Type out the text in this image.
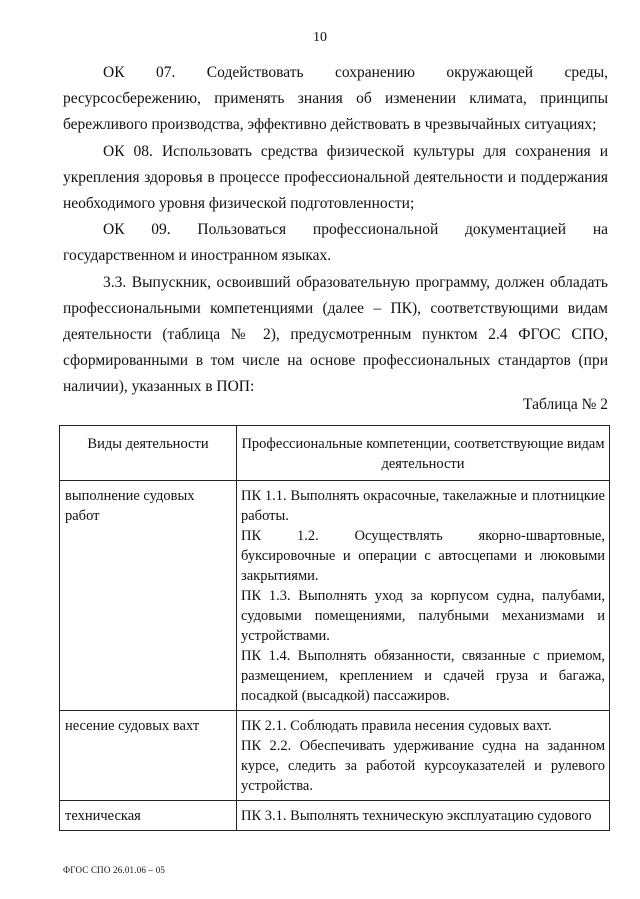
10

ОК 07. Содействовать сохранению окружающей среды, ресурсосбережению, применять знания об изменении климата, принципы бережливого производства, эффективно действовать в чрезвычайных ситуациях;

ОК 08. Использовать средства физической культуры для сохранения и укрепления здоровья в процессе профессиональной деятельности и поддержания необходимого уровня физической подготовленности;

ОК 09. Пользоваться профессиональной документацией на государственном и иностранном языках.

3.3. Выпускник, освоивший образовательную программу, должен обладать профессиональными компетенциями (далее – ПК), соответствующими видам деятельности (таблица № 2), предусмотренным пунктом 2.4 ФГОС СПО, сформированными в том числе на основе профессиональных стандартов (при наличии), указанных в ПОП:

Таблица № 2
Виды деятельности	Профессиональные компетенции, соответствующие видам деятельности
выполнение судовых работ	ПК 1.1. Выполнять окрасочные, такелажные и плотницкие работы.

ПК 1.2. Осуществлять якорно-швартовные, буксировочные и операции с автосцепами и люковыми закрытиями.

ПК 1.3. Выполнять уход за корпусом судна, палубами, судовыми помещениями, палубными механизмами и устройствами.

ПК 1.4. Выполнять обязанности, связанные с приемом, размещением, креплением и сдачей груза и багажа, посадкой (высадкой) пассажиров.

несение судовых вахт	ПК 2.1. Соблюдать правила несения судовых вахт.

ПК 2.2. Обеспечивать удерживание судна на заданном курсе, следить за работой курсоуказателей и рулевого устройства.

техническая	ПК 3.1. Выполнять техническую эксплуатацию судового

ФГОС СПО 26.01.06 – 05
